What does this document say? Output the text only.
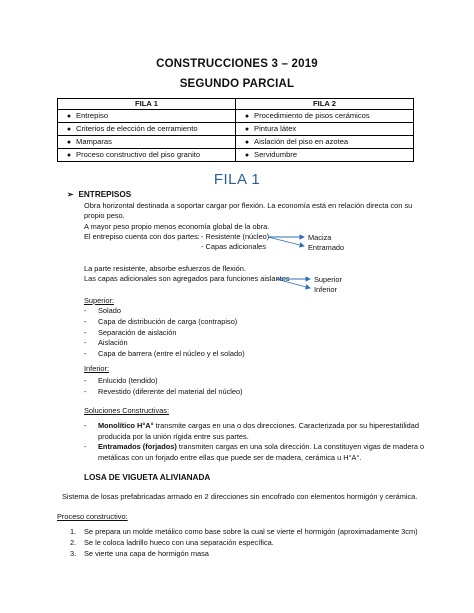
CONSTRUCCIONES 3 – 2019
SEGUNDO PARCIAL
FILA 1	FILA 2
● Entrepiso	● Procedimiento de pisos cerámicos
● Criterios de elección de cerramiento	● Pintura látex
● Mamparas	● Aislación del piso en azotea
● Proceso constructivo del piso granito	● Servidumbre
FILA 1
➢ ENTREPISOS
Obra horizontal destinada a soportar cargar por flexión. La economía está en relación directa con su
propio peso.
A mayor peso propio menos economía global de la obra.
El entrepiso cuenta con dos partes: - Resistente (núcleo)
- Capas adicionales
Maciza
Entramado
La parte resistente, absorbe esfuerzos de flexión.
Las capas adicionales son agregados para funciones aislantes	Superior
Inferior
Superior:
- Solado
- Capa de distribución de carga (contrapiso)
- Separación de aislación
- Aislación
- Capa de barrera (entre el núcleo y el solado)
Inferior:
- Enlucido (tendido)
- Revestido (diferente del material del núcleo)
Soluciones Constructivas:
- Monolítico H°A° transmite cargas en una o dos direcciones. Caracterizada por su hiperestatilidad
producida por la unión rígida entre sus partes.
- Entramados (forjados) transmiten cargas en una sola dirección. La constituyen vigas de madera o
metálicas con un forjado entre ellas que puede ser de madera, cerámica u H°A°.
LOSA DE VIGUETA ALIVIANADA
Sistema de losas prefabricadas armado en 2 direcciones sin encofrado con elementos hormigón y cerámica.
Proceso constructivo:
1. Se prepara un molde metálico como base sobre la cual se vierte el hormigón (aproximadamente 3cm)
2. Se le coloca ladrillo hueco con una separación específica.
3. Se vierte una capa de hormigón masa
